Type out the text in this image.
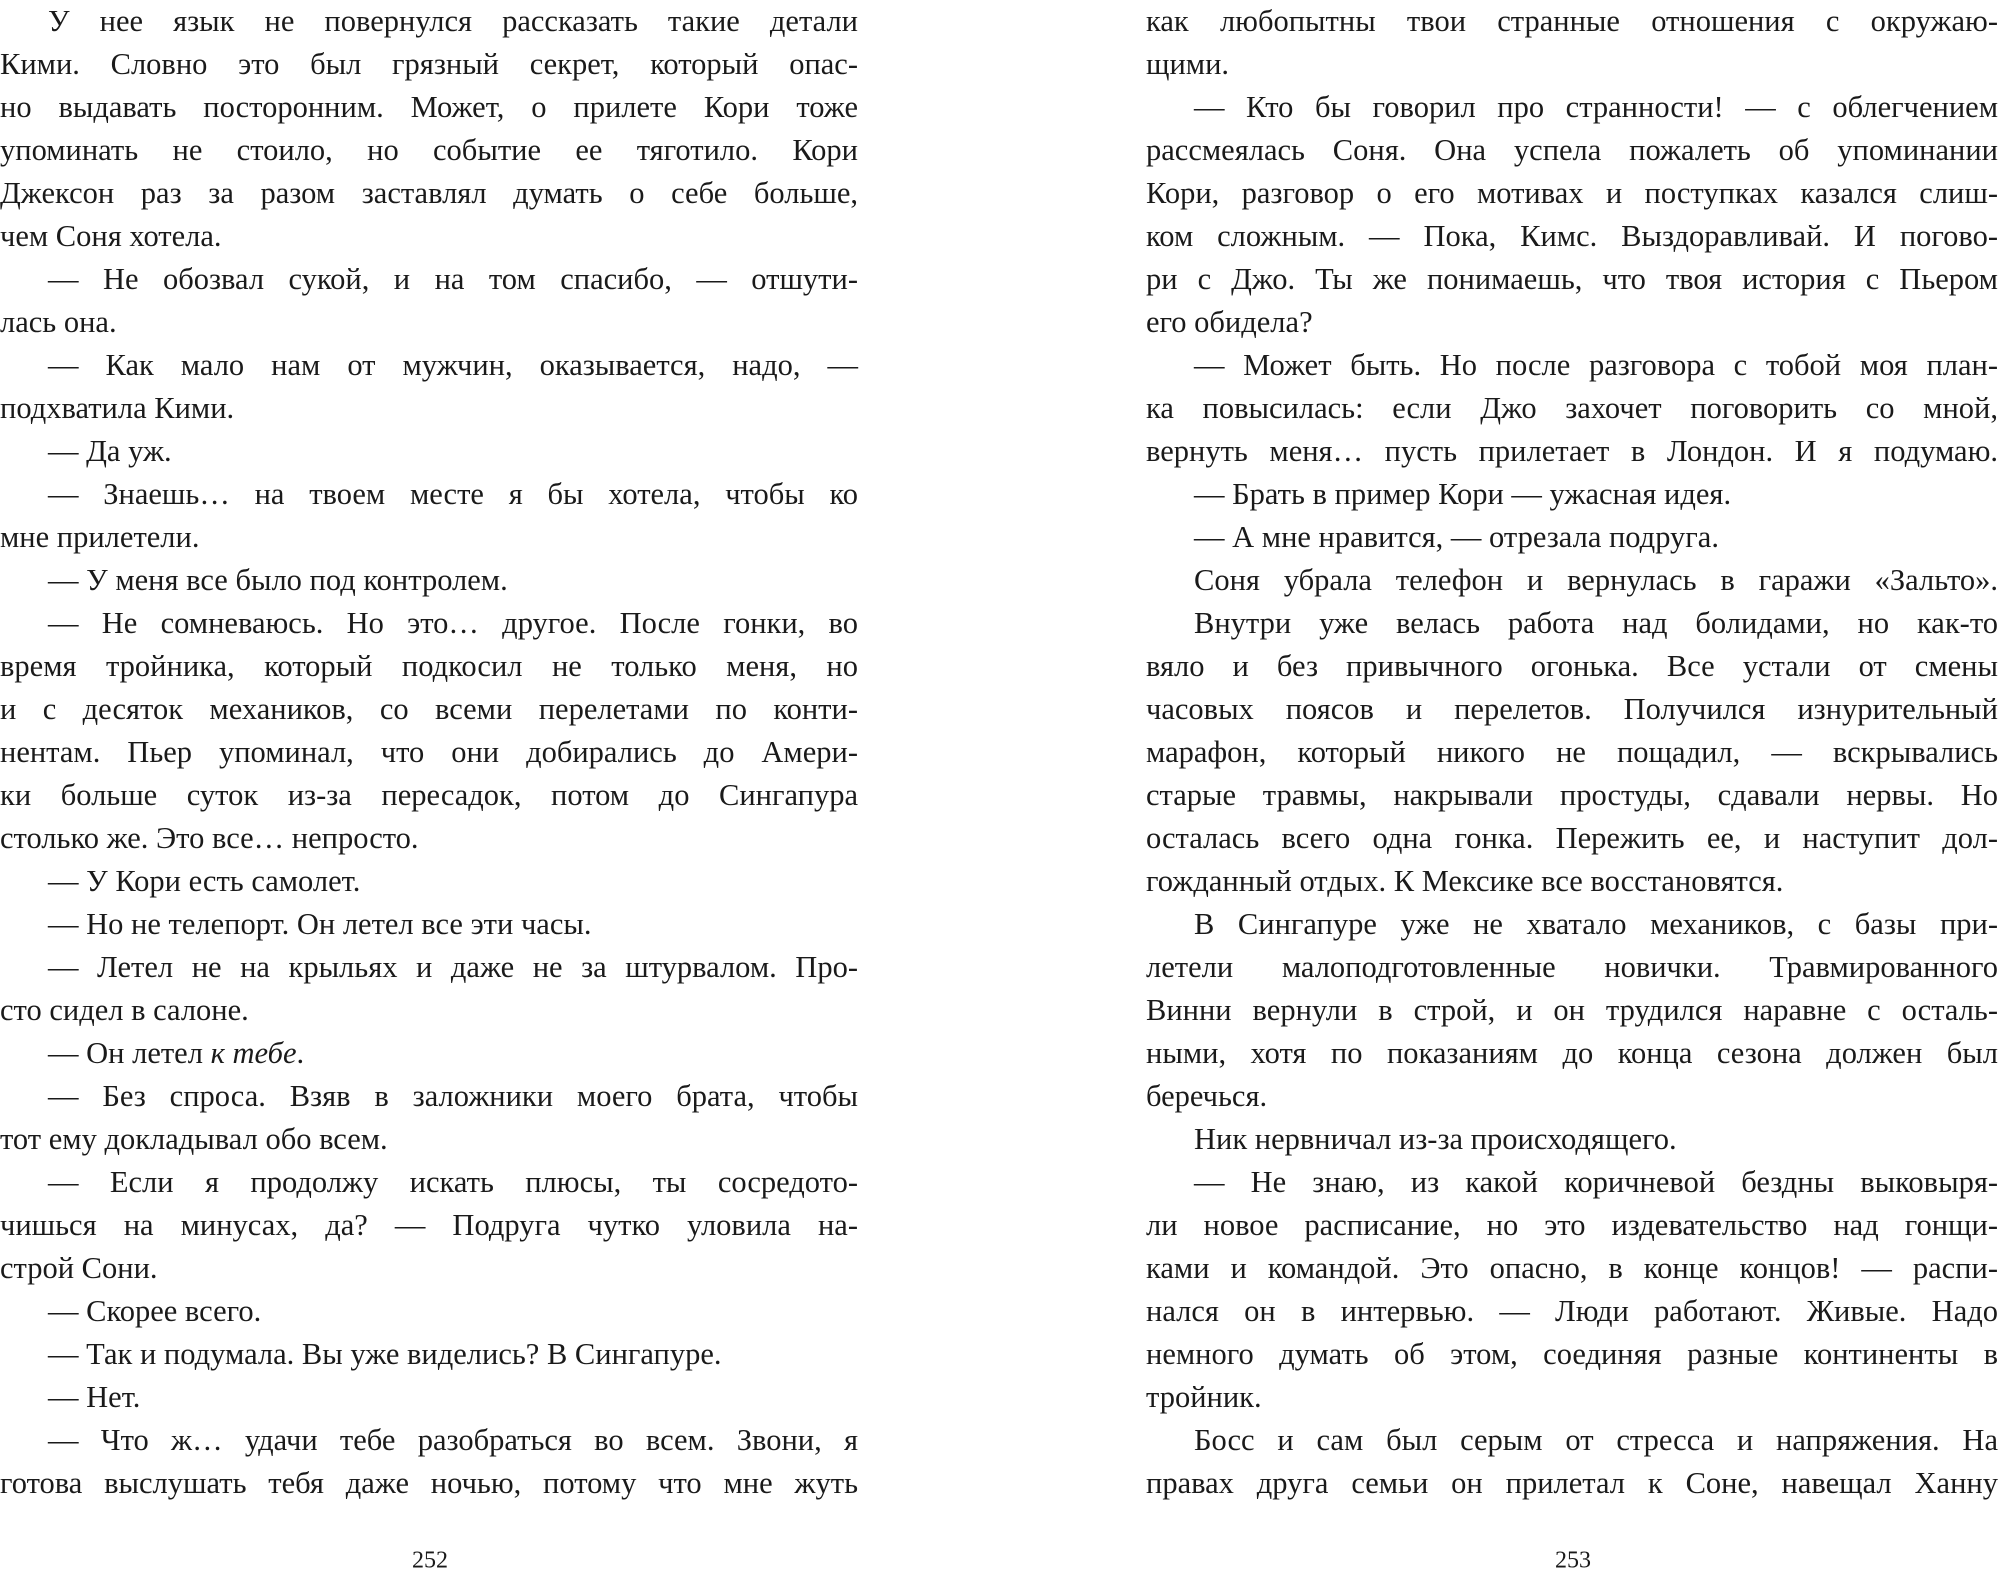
У нее язык не повернулся рассказать такие детали
Кими. Словно это был грязный секрет, который опас-
но выдавать посторонним. Может, о прилете Кори тоже
упоминать не стоило, но событие ее тяготило. Кори
Джексон раз за разом заставлял думать о себе больше,
чем Соня хотела.
— Не обозвал сукой, и на том спасибо, — отшути-
лась она.
— Как мало нам от мужчин, оказывается, надо, —
подхватила Кими.
— Да уж.
— Знаешь… на твоем месте я бы хотела, чтобы ко
мне прилетели.
— У меня все было под контролем.
— Не сомневаюсь. Но это… другое. После гонки, во
время тройника, который подкосил не только меня, но
и с десяток механиков, со всеми перелетами по конти-
нентам. Пьер упоминал, что они добирались до Амери-
ки больше суток из-за пересадок, потом до Сингапура
столько же. Это все… непросто.
— У Кори есть самолет.
— Но не телепорт. Он летел все эти часы.
— Летел не на крыльях и даже не за штурвалом. Про-
сто сидел в салоне.
— Он летел к тебе.
— Без спроса. Взяв в заложники моего брата, чтобы
тот ему докладывал обо всем.
— Если я продолжу искать плюсы, ты сосредото-
чишься на минусах, да? — Подруга чутко уловила на-
строй Сони.
— Скорее всего.
— Так и подумала. Вы уже виделись? В Сингапуре.
— Нет.
— Что ж… удачи тебе разобраться во всем. Звони, я
готова выслушать тебя даже ночью, потому что мне жуть
252
как любопытны твои странные отношения с окружаю-
щими.
— Кто бы говорил про странности! — с облегчением
рассмеялась Соня. Она успела пожалеть об упоминании
Кори, разговор о его мотивах и поступках казался слиш-
ком сложным. — Пока, Кимс. Выздоравливай. И погово-
ри с Джо. Ты же понимаешь, что твоя история с Пьером
его обидела?
— Может быть. Но после разговора с тобой моя план-
ка повысилась: если Джо захочет поговорить со мной,
вернуть меня… пусть прилетает в Лондон. И я подумаю.
— Брать в пример Кори — ужасная идея.
— А мне нравится, — отрезала подруга.
Соня убрала телефон и вернулась в гаражи «Зальто».
Внутри уже велась работа над болидами, но как-то
вяло и без привычного огонька. Все устали от смены
часовых поясов и перелетов. Получился изнурительный
марафон, который никого не пощадил, — вскрывались
старые травмы, накрывали простуды, сдавали нервы. Но
осталась всего одна гонка. Пережить ее, и наступит дол-
гожданный отдых. К Мексике все восстановятся.
В Сингапуре уже не хватало механиков, с базы при-
летели малоподготовленные новички. Травмированного
Винни вернули в строй, и он трудился наравне с осталь-
ными, хотя по показаниям до конца сезона должен был
беречься.
Ник нервничал из-за происходящего.
— Не знаю, из какой коричневой бездны выковыря-
ли новое расписание, но это издевательство над гонщи-
ками и командой. Это опасно, в конце концов! — распи-
нался он в интервью. — Люди работают. Живые. Надо
немного думать об этом, соединяя разные континенты в
тройник.
Босс и сам был серым от стресса и напряжения. На
правах друга семьи он прилетал к Соне, навещал Ханну
253
